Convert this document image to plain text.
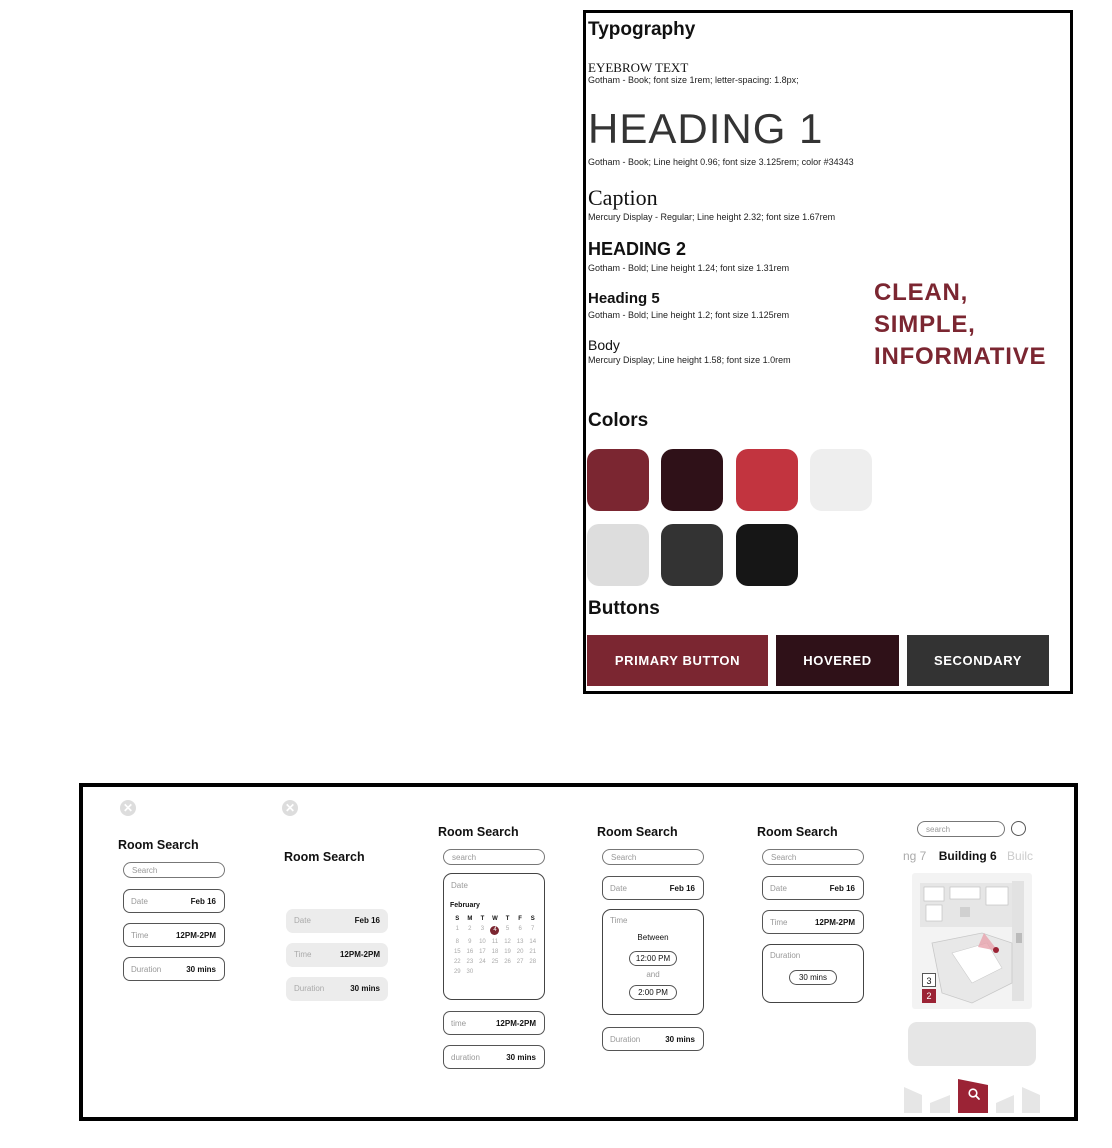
Typography
EYEBROW TEXT
Gotham - Book; font size 1rem; letter-spacing: 1.8px;
HEADING 1
Gotham - Book; Line height 0.96; font size 3.125rem; color #34343
Caption
Mercury Display - Regular; Line height 2.32; font size 1.67rem
HEADING 2
Gotham - Bold; Line height 1.24; font size 1.31rem
Heading 5
Gotham - Bold; Line height 1.2; font size 1.125rem
Body
Mercury Display; Line height 1.58; font size 1.0rem
CLEAN,
SIMPLE,
INFORMATIVE
Colors
Buttons
PRIMARY BUTTON	HOVERED	SECONDARY
✕
Room Search
Search
Date	Feb 16
Time	12PM-2PM
Duration	30 mins
✕
Room Search
Date	Feb 16
Time	12PM-2PM
Duration	30 mins
Room Search
search
Date
February
S	M	T	W	T	F	S
1	2	3	4	5	6	7
8	9	10	11	12 13 14
15 16 17 18 19 20 21
22 23 24 25 26 27 28
29 30
time	12PM-2PM
duration	30 mins
Room Search
Search
Date	Feb 16
Time
Between
12:00 PM
and
2:00 PM
Duration	30 mins
Room Search
Search
Date	Feb 16
Time	12PM-2PM
Duration
30 mins
search
ng 7 Building 6 Builc
3
2
